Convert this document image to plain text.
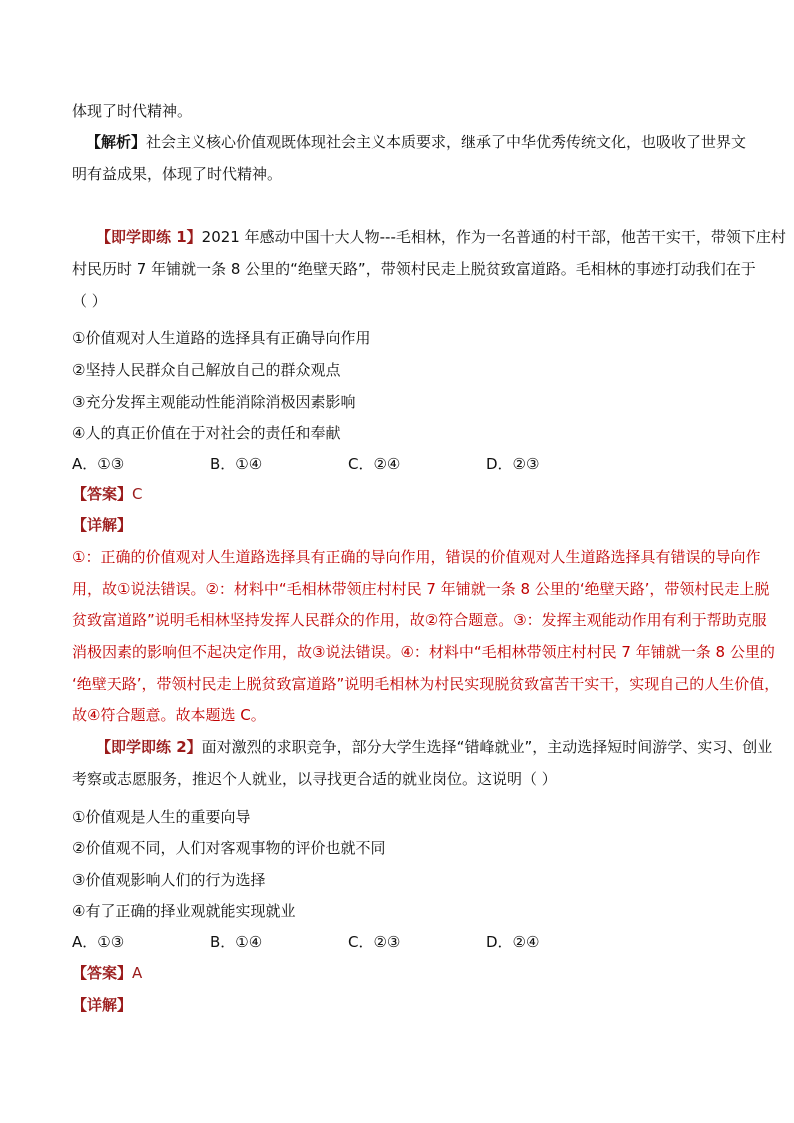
体现了时代精神。
【解析】社会主义核心价值观既体现社会主义本质要求，继承了中华优秀传统文化，也吸收了世界文
明有益成果，体现了时代精神。
【即学即练 1】2021 年感动中国十大人物---毛相林，作为一名普通的村干部，他苦干实干，带领下庄村
村民历时 7 年铺就一条 8 公里的“绝壁天路”，带领村民走上脱贫致富道路。毛相林的事迹打动我们在于
（ ）
①价值观对人生道路的选择具有正确导向作用
②坚持人民群众自己解放自己的群众观点
③充分发挥主观能动性能消除消极因素影响
④人的真正价值在于对社会的责任和奉献
A．①③	B．①④	C．②④	D．②③
【答案】C
【详解】
①：正确的价值观对人生道路选择具有正确的导向作用，错误的价值观对人生道路选择具有错误的导向作
用，故①说法错误。②：材料中“毛相林带领庄村村民 7 年铺就一条 8 公里的‘绝壁天路’，带领村民走上脱
贫致富道路”说明毛相林坚持发挥人民群众的作用，故②符合题意。③：发挥主观能动作用有利于帮助克服
消极因素的影响但不起决定作用，故③说法错误。④：材料中“毛相林带领庄村村民 7 年铺就一条 8 公里的
‘绝壁天路’，带领村民走上脱贫致富道路”说明毛相林为村民实现脱贫致富苦干实干，实现自己的人生价值，
故④符合题意。故本题选 C。
【即学即练 2】面对激烈的求职竞争，部分大学生选择“错峰就业”，主动选择短时间游学、实习、创业
考察或志愿服务，推迟个人就业，以寻找更合适的就业岗位。这说明（ ）
①价值观是人生的重要向导
②价值观不同，人们对客观事物的评价也就不同
③价值观影响人们的行为选择
④有了正确的择业观就能实现就业
A．①③	B．①④	C．②③	D．②④
【答案】A
【详解】
